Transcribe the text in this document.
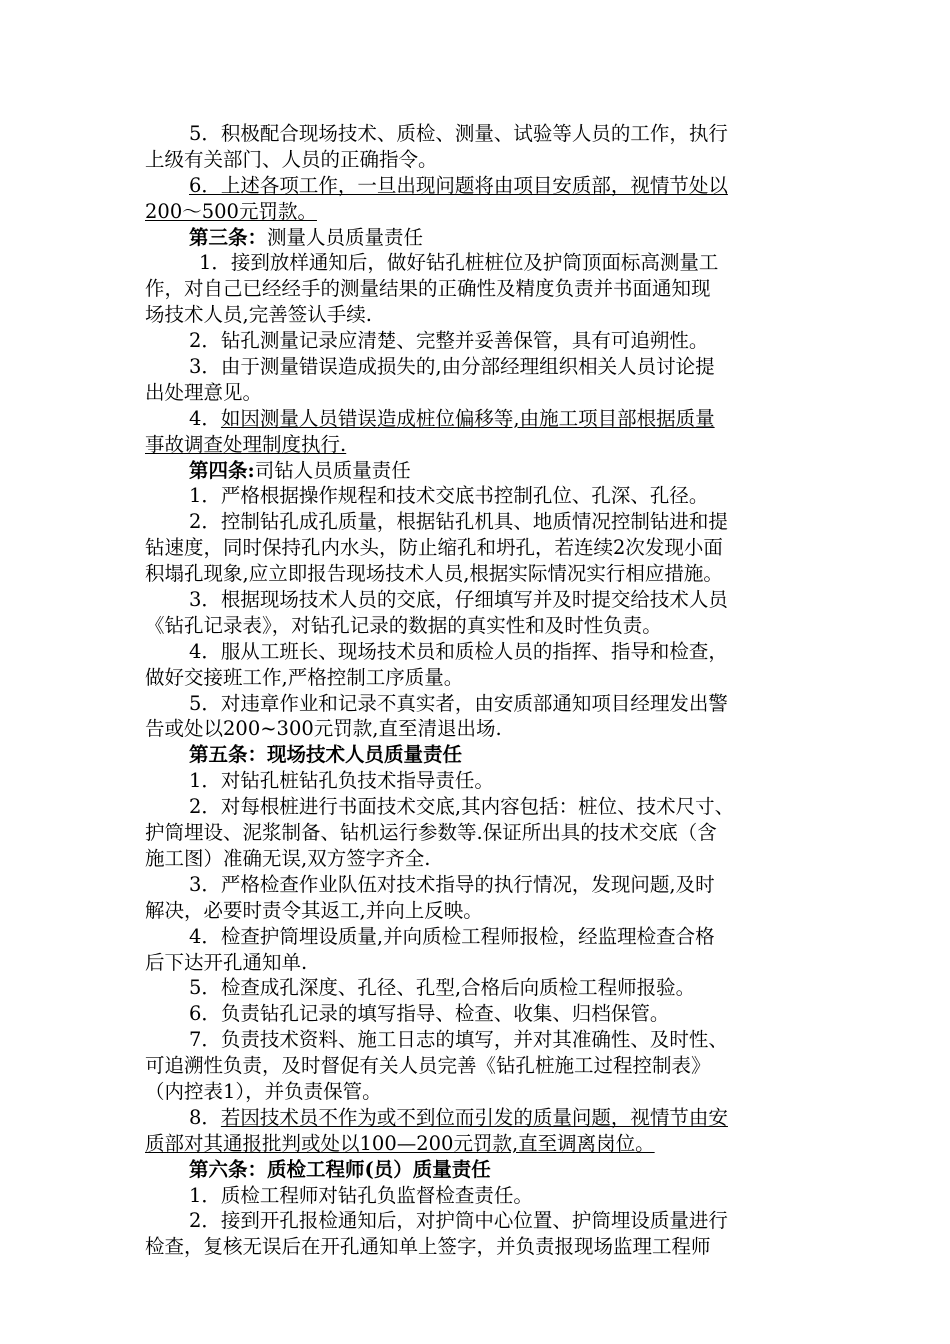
5．积极配合现场技术、质检、测量、试验等人员的工作，执行
上级有关部门、人员的正确指令。
6．上述各项工作，一旦出现问题将由项目安质部，视情节处以
200～500元罚款。
第三条：测量人员质量责任
1．接到放样通知后，做好钻孔桩桩位及护筒顶面标高测量工
作，对自己已经经手的测量结果的正确性及精度负责并书面通知现
场技术人员,完善签认手续.
2．钻孔测量记录应清楚、完整并妥善保管，具有可追朔性。
3．由于测量错误造成损失的,由分部经理组织相关人员讨论提
出处理意见。
4．如因测量人员错误造成桩位偏移等,由施工项目部根据质量
事故调查处理制度执行.
第四条:司钻人员质量责任
1．严格根据操作规程和技术交底书控制孔位、孔深、孔径。
2．控制钻孔成孔质量，根据钻孔机具、地质情况控制钻进和提
钻速度，同时保持孔内水头，防止缩孔和坍孔，若连续2次发现小面
积塌孔现象,应立即报告现场技术人员,根据实际情况实行相应措施。
3．根据现场技术人员的交底，仔细填写并及时提交给技术人员
《钻孔记录表》，对钻孔记录的数据的真实性和及时性负责。
4．服从工班长、现场技术员和质检人员的指挥、指导和检查，
做好交接班工作,严格控制工序质量。
5．对违章作业和记录不真实者，由安质部通知项目经理发出警
告或处以200~300元罚款,直至清退出场.
第五条：现场技术人员质量责任
1．对钻孔桩钻孔负技术指导责任。
2．对每根桩进行书面技术交底,其内容包括：桩位、技术尺寸、
护筒埋设、泥浆制备、钻机运行参数等.保证所出具的技术交底（含
施工图）准确无误,双方签字齐全.
3．严格检查作业队伍对技术指导的执行情况，发现问题,及时
解决，必要时责令其返工,并向上反映。
4．检查护筒埋设质量,并向质检工程师报检，经监理检查合格
后下达开孔通知单.
5．检查成孔深度、孔径、孔型,合格后向质检工程师报验。
6．负责钻孔记录的填写指导、检查、收集、归档保管。
7．负责技术资料、施工日志的填写，并对其准确性、及时性、
可追溯性负责，及时督促有关人员完善《钻孔桩施工过程控制表》
（内控表1），并负责保管。
8．若因技术员不作为或不到位而引发的质量问题，视情节由安
质部对其通报批判或处以100—200元罚款,直至调离岗位。
第六条：质检工程师(员）质量责任
1．质检工程师对钻孔负监督检查责任。
2．接到开孔报检通知后，对护筒中心位置、护筒埋设质量进行
检查，复核无误后在开孔通知单上签字，并负责报现场监理工程师
